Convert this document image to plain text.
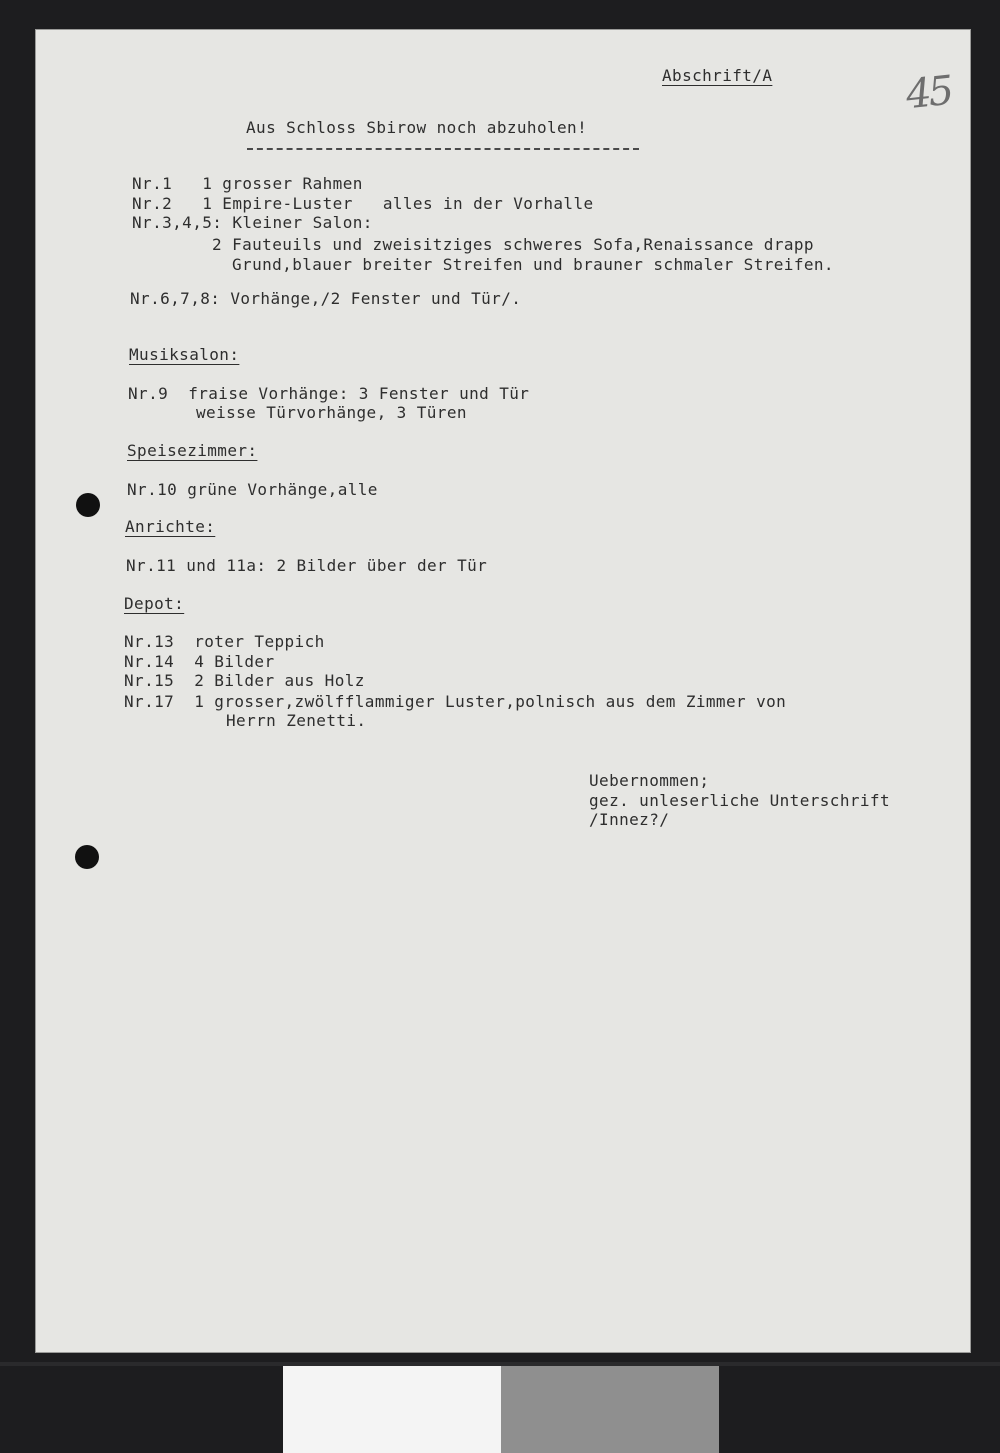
Abschrift/A	45

Aus Schloss Sbirow noch abzuholen!

Nr.1   1 grosser Rahmen

Nr.2   1 Empire-Luster   alles in der Vorhalle

Nr.3,4,5: Kleiner Salon:

2 Fauteuils und zweisitziges schweres Sofa,Renaissance drapp

Grund,blauer breiter Streifen und brauner schmaler Streifen.

Nr.6,7,8: Vorhänge,/2 Fenster und Tür/.

Musiksalon:

Nr.9  fraise Vorhänge: 3 Fenster und Tür

weisse Türvorhänge, 3 Türen

Speisezimmer:

Nr.10 grüne Vorhänge,alle

Anrichte:

Nr.11 und 11a: 2 Bilder über der Tür

Depot:

Nr.13  roter Teppich

Nr.14  4 Bilder

Nr.15  2 Bilder aus Holz

Nr.17  1 grosser,zwölfflammiger Luster,polnisch aus dem Zimmer von

Herrn Zenetti.

Uebernommen;

gez. unleserliche Unterschrift

/Innez?/
